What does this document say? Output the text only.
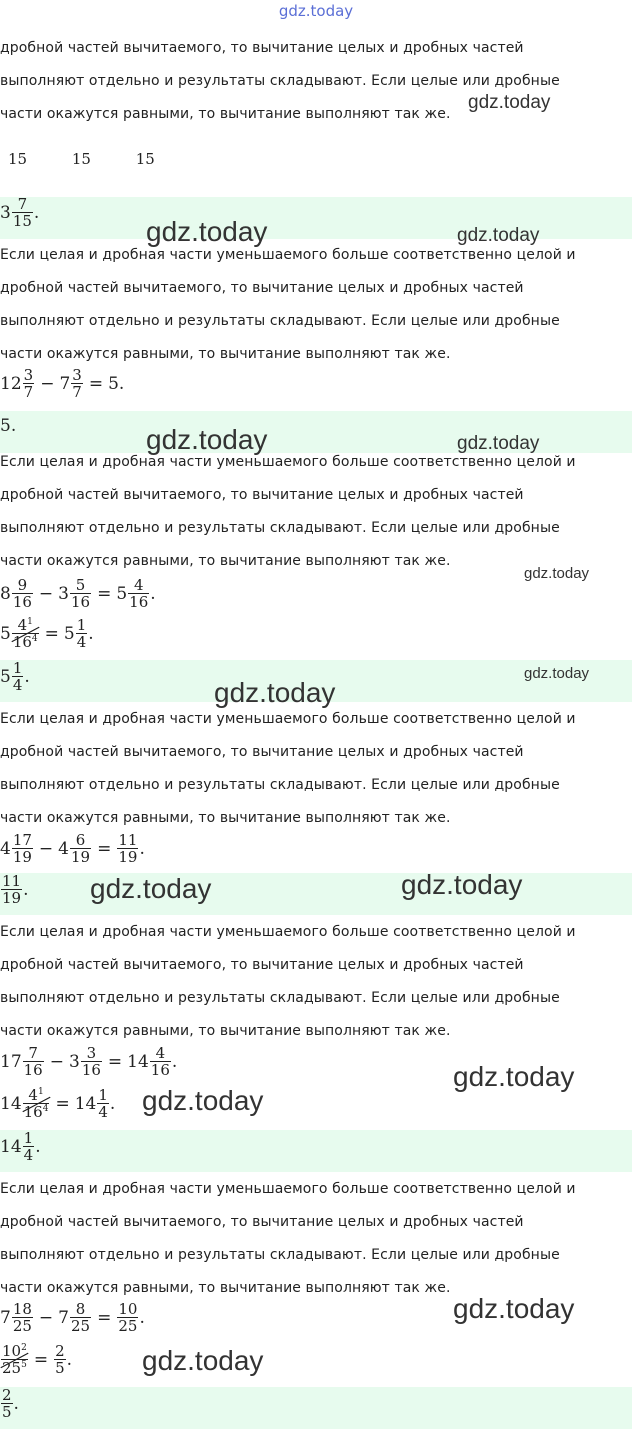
gdz.today
дробной частей вычитаемого, то вычитание целых и дробных частей
выполняют отдельно и результаты складывают. Если целые или дробные
части окажутся равными, то вычитание выполняют так же.
gdz.today
15 15 15
$3 \frac{7}{15}$ .
gdz.today	gdz.today
Если целая и дробная части уменьшаемого больше соответственно целой и
дробной частей вычитаемого, то вычитание целых и дробных частей
выполняют отдельно и результаты складывают. Если целые или дробные
части окажутся равными, то вычитание выполняют так же.
$12 \frac{3}{7} - 7 \frac{3}{7} = 5$.
5 .	gdz.today	gdz.today
Если целая и дробная части уменьшаемого больше соответственно целой и
дробной частей вычитаемого, то вычитание целых и дробных частей
выполняют отдельно и результаты складывают. Если целые или дробные
части окажутся равными, то вычитание выполняют так же.
gdz.today
$8 \frac{9}{16} - 3 \frac{5}{16} = 5 \frac{4}{16}$ .
$5 \frac{4^1}{16^4} = 5 \frac{1}{4}$ .
$5 \frac{1}{4}$ .	gdz.today
gdz.today
Если целая и дробная части уменьшаемого больше соответственно целой и
дробной частей вычитаемого, то вычитание целых и дробных частей
выполняют отдельно и результаты складывают. Если целые или дробные
части окажутся равными, то вычитание выполняют так же.
$4 \frac{17}{19} - 4 \frac{6}{19} = \frac{11}{19}$ .
$\frac{11}{19}$ . gdz.today	gdz.today
Если целая и дробная части уменьшаемого больше соответственно целой и
дробной частей вычитаемого, то вычитание целых и дробных частей
выполняют отдельно и результаты складывают. Если целые или дробные
части окажутся равными, то вычитание выполняют так же.
$17 \frac{7}{16} - 3 \frac{3}{16} = 14 \frac{4}{16}$ .	gdz.today
$14 \frac{4^1}{16^4} = 14 \frac{1}{4}$ . gdz.today
$14 \frac{1}{4}$ .
Если целая и дробная части уменьшаемого больше соответственно целой и
дробной частей вычитаемого, то вычитание целых и дробных частей
выполняют отдельно и результаты складывают. Если целые или дробные
части окажутся равными, то вычитание выполняют так же.
$7 \frac{18}{25} - 7 \frac{8}{25} = \frac{10}{25}$ .	gdz.today
$\frac{10^2}{25^5} = \frac{2}{5}$ . gdz.today
$\frac{2}{5}$ .
